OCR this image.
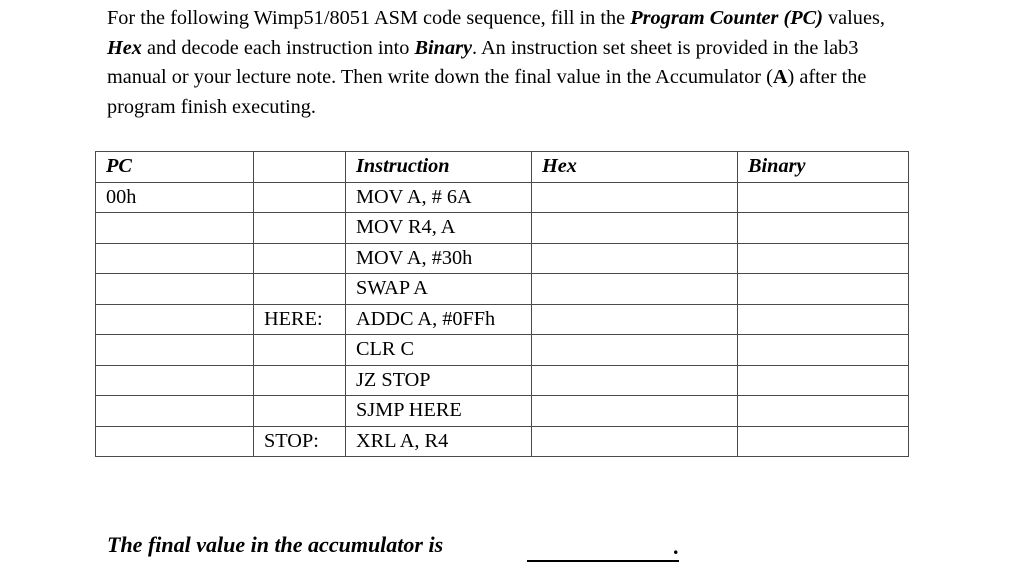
For the following Wimp51/8051 ASM code sequence, fill in the Program Counter (PC) values, Hex and decode each instruction into Binary. An instruction set sheet is provided in the lab3 manual or your lecture note. Then write down the final value in the Accumulator (A) after the program finish executing.
PC		Instruction	Hex	Binary
00h		MOV A, # 6A		
		MOV R4, A		
		MOV A, #30h		
		SWAP A		
	HERE:	ADDC A, #0FFh		
		CLR C		
		JZ STOP		
		SJMP HERE		
	STOP:	XRL A, R4		
The final value in the accumulator is	.
